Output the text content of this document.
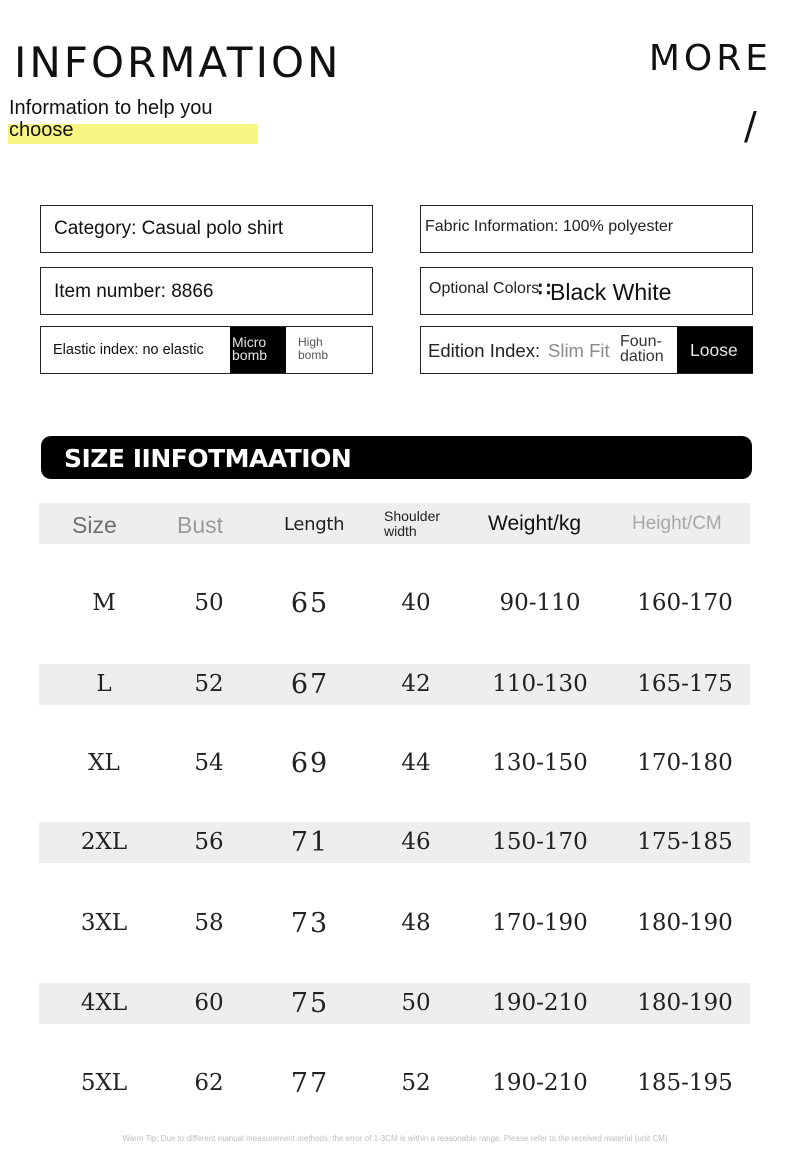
INFORMATION	MORE
/
Information to help you
choose
Category: Casual polo shirt	Fabric Information: 100% polyester
Item number: 8866	Optional Colors
∷ Black White
Elastic index: no elastic Micro
bomb
High
bomb	Edition Index: Slim Fit Foun-
dation Loose
SIZE IINFOTMAATION
Size	Bust	Length	Shoulder
width	Weight/kg	Height/CM
M	50	65	40	90-110	160-170
L	52	67	42	110-130	165-175
XL	54	69	44	130-150	170-180
2XL	56	71	46	150-170	175-185
3XL	58	73	48	170-190	180-190
4XL	60	75	50	190-210	180-190
5XL	62	77	52	190-210	185-195
Warm Tip: Due to different manual measurement methods, the error of 1-3CM is within a reasonable range. Please refer to the received material (unit CM)
